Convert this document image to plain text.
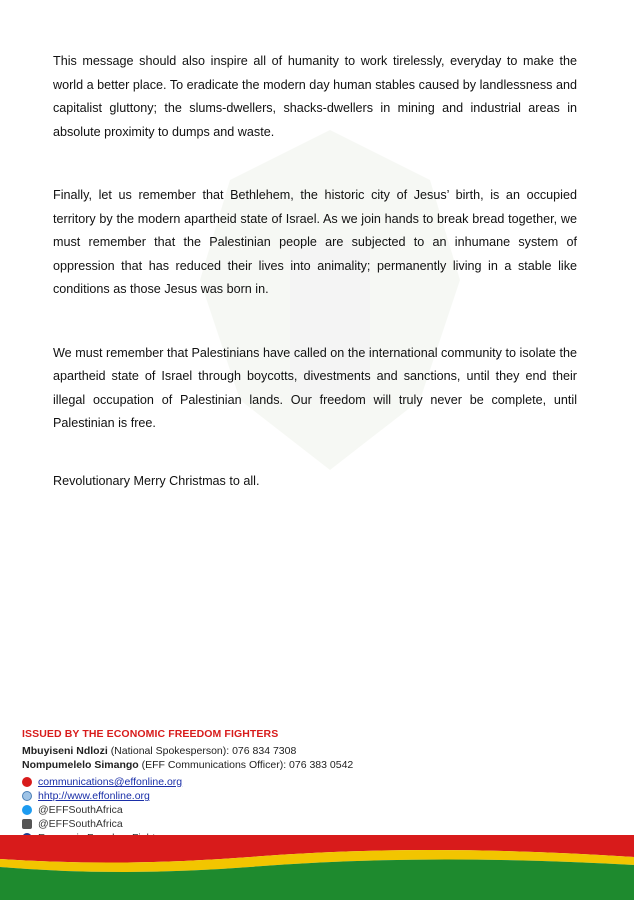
This message should also inspire all of humanity to work tirelessly, everyday to make the world a better place. To eradicate the modern day human stables caused by landlessness and capitalist gluttony; the slums-dwellers, shacks-dwellers in mining and industrial areas in absolute proximity to dumps and waste.

Finally, let us remember that Bethlehem, the historic city of Jesus’ birth, is an occupied territory by the modern apartheid state of Israel. As we join hands to break bread together, we must remember that the Palestinian people are subjected to an inhumane system of oppression that has reduced their lives into animality; permanently living in a stable like conditions as those Jesus was born in.

We must remember that Palestinians have called on the international community to isolate the apartheid state of Israel through boycotts, divestments and sanctions, until they end their illegal occupation of Palestinian lands. Our freedom will truly never be complete, until Palestinian is free.

Revolutionary Merry Christmas to all.

ISSUED BY THE ECONOMIC FREEDOM FIGHTERS
Mbuyiseni Ndlozi (National Spokesperson): 076 834 7308
Nompumelelo Simango (EFF Communications Officer): 076 383 0542
communications@effonline.org
hhtp://www.effonline.org
@EFFSouthAfrica
@EFFSouthAfrica
